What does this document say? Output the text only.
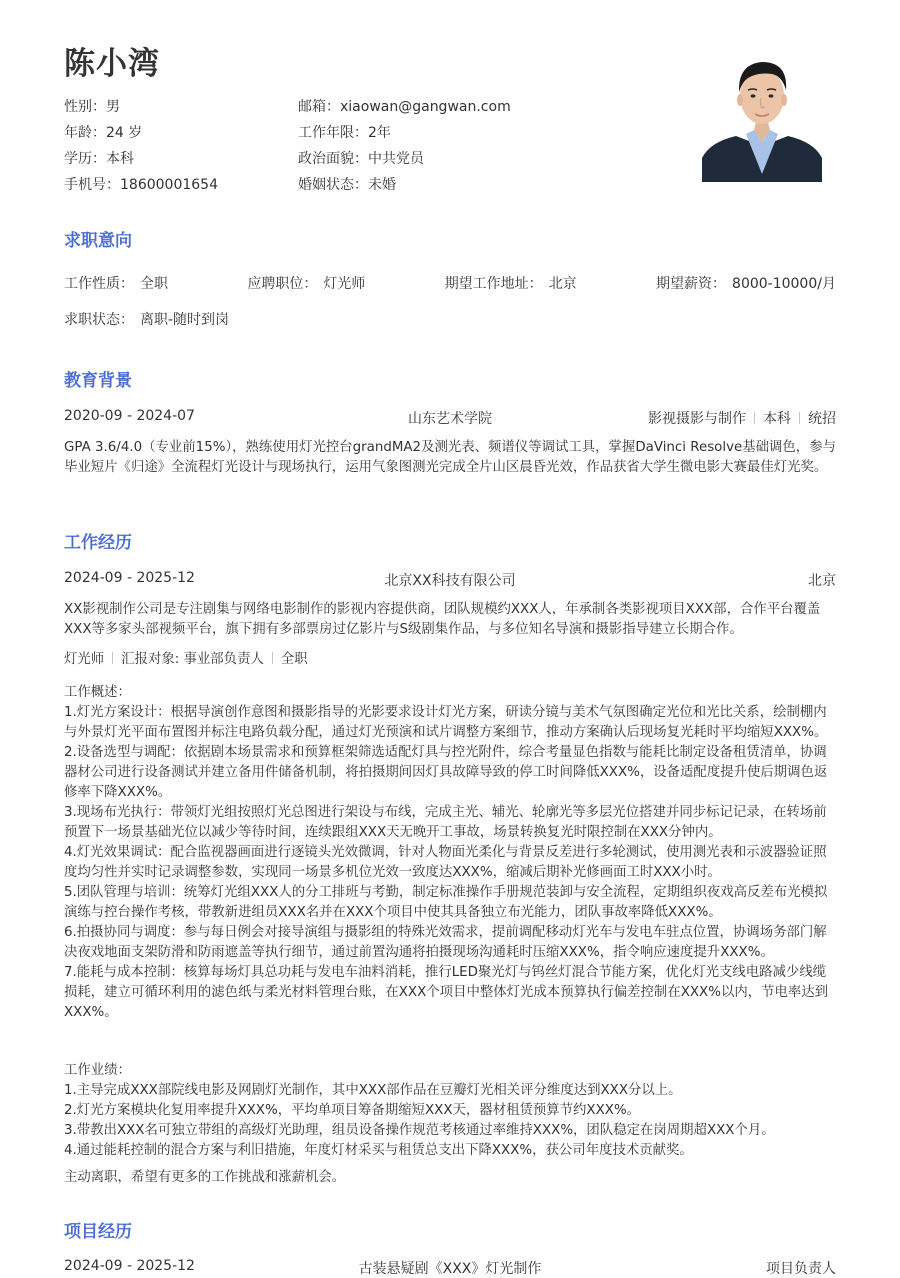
陈小湾
性别：男	邮箱：xiaowan@gangwan.com
年龄：24 岁	工作年限：2年
学历：本科	政治面貌：中共党员
手机号：18600001654	婚姻状态：未婚
求职意向
工作性质： 全职	应聘职位： 灯光师	期望工作地址： 北京	期望薪资： 8000-10000/月
求职状态： 离职-随时到岗
教育背景
2020-09 - 2024-07	山东艺术学院	影视摄影与制作 本科 统招
GPA 3.6/4.0（专业前15%），熟练使用灯光控台grandMA2及测光表、频谱仪等调试工具，掌握DaVinci Resolve基础调色，参与毕业短片《归途》全流程灯光设计与现场执行，运用气象图测光完成全片山区晨昏光效，作品获省大学生微电影大赛最佳灯光奖。
工作经历
2024-09 - 2025-12	北京XX科技有限公司	北京
XX影视制作公司是专注剧集与网络电影制作的影视内容提供商，团队规模约XXX人，年承制各类影视项目XXX部，合作平台覆盖XXX等多家头部视频平台，旗下拥有多部票房过亿影片与S级剧集作品，与多位知名导演和摄影指导建立长期合作。
灯光师 汇报对象: 事业部负责人 全职
工作概述：
1.灯光方案设计：根据导演创作意图和摄影指导的光影要求设计灯光方案，研读分镜与美术气氛图确定光位和光比关系，绘制棚内与外景灯光平面布置图并标注电路负载分配，通过灯光预演和试片调整方案细节，推动方案确认后现场复光耗时平均缩短XXX%。
2.设备选型与调配：依据剧本场景需求和预算框架筛选适配灯具与控光附件，综合考量显色指数与能耗比制定设备租赁清单，协调器材公司进行设备测试并建立备用件储备机制，将拍摄期间因灯具故障导致的停工时间降低XXX%，设备适配度提升使后期调色返修率下降XXX%。
3.现场布光执行：带领灯光组按照灯光总图进行架设与布线，完成主光、辅光、轮廓光等多层光位搭建并同步标记记录，在转场前预置下一场景基础光位以减少等待时间，连续跟组XXX天无晚开工事故，场景转换复光时限控制在XXX分钟内。
4.灯光效果调试：配合监视器画面进行逐镜头光效微调，针对人物面光柔化与背景反差进行多轮测试，使用测光表和示波器验证照度均匀性并实时记录调整参数，实现同一场景多机位光效一致度达XXX%，缩减后期补光修画面工时XXX小时。
5.团队管理与培训：统筹灯光组XXX人的分工排班与考勤，制定标准操作手册规范装卸与安全流程，定期组织夜戏高反差布光模拟演练与控台操作考核，带教新进组员XXX名并在XXX个项目中使其具备独立布光能力，团队事故率降低XXX%。
6.拍摄协同与调度：参与每日例会对接导演组与摄影组的特殊光效需求，提前调配移动灯光车与发电车驻点位置，协调场务部门解决夜戏地面支架防滑和防雨遮盖等执行细节，通过前置沟通将拍摄现场沟通耗时压缩XXX%，指令响应速度提升XXX%。
7.能耗与成本控制：核算每场灯具总功耗与发电车油料消耗，推行LED聚光灯与钨丝灯混合节能方案，优化灯光支线电路减少线缆损耗，建立可循环利用的滤色纸与柔光材料管理台账，在XXX个项目中整体灯光成本预算执行偏差控制在XXX%以内，节电率达到XXX%。
工作业绩：
1.主导完成XXX部院线电影及网剧灯光制作，其中XXX部作品在豆瓣灯光相关评分维度达到XXX分以上。
2.灯光方案模块化复用率提升XXX%，平均单项目筹备期缩短XXX天，器材租赁预算节约XXX%。
3.带教出XXX名可独立带组的高级灯光助理，组员设备操作规范考核通过率维持XXX%，团队稳定在岗周期超XXX个月。
4.通过能耗控制的混合方案与利旧措施，年度灯材采买与租赁总支出下降XXX%，获公司年度技术贡献奖。
主动离职，希望有更多的工作挑战和涨薪机会。
项目经历
2024-09 - 2025-12	古装悬疑剧《XXX》灯光制作	项目负责人
